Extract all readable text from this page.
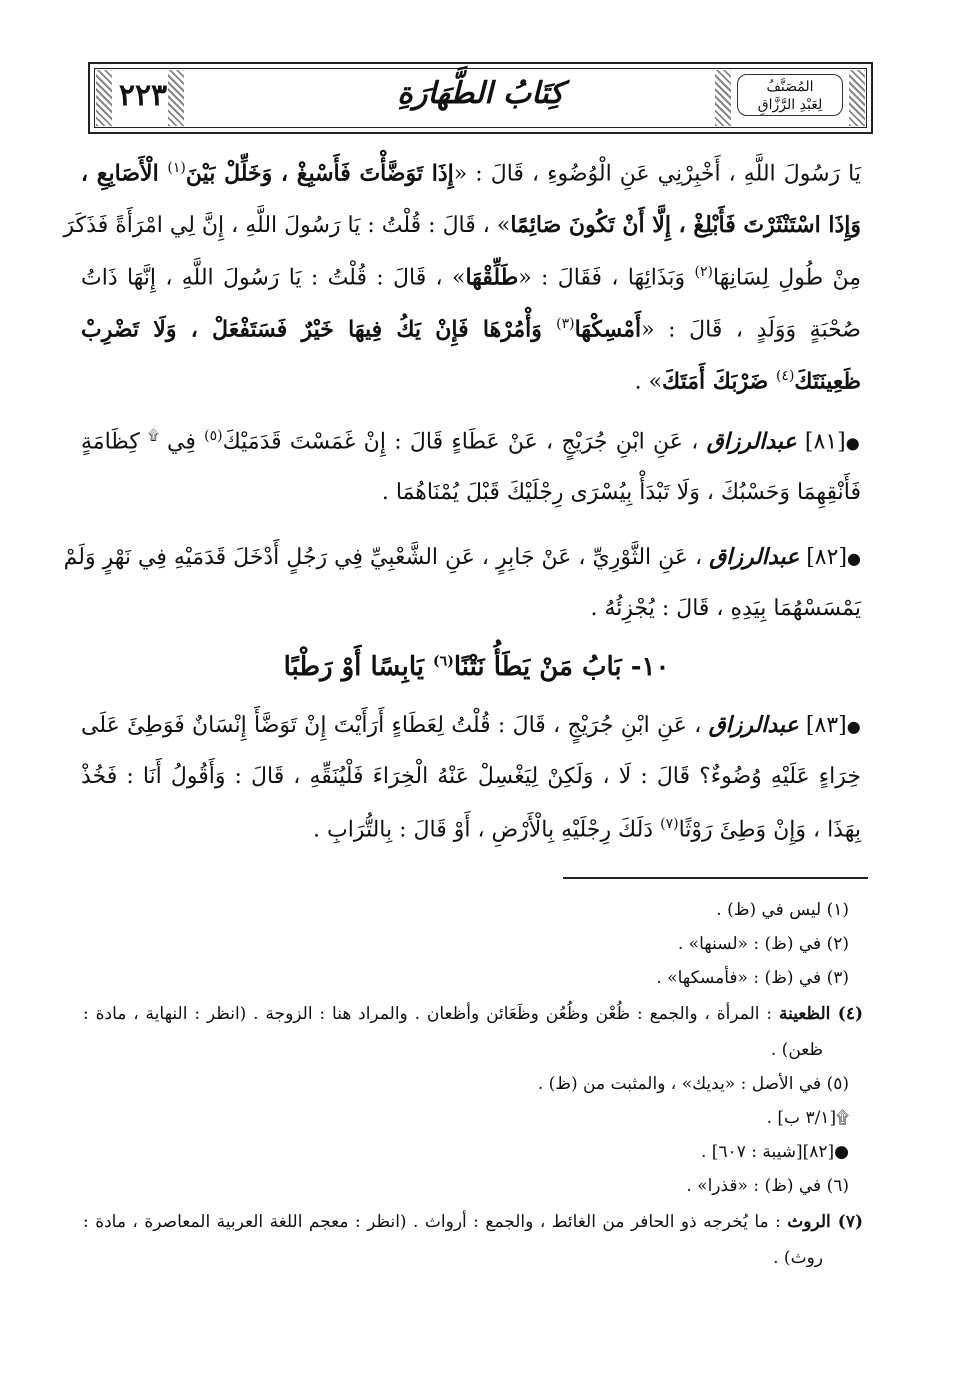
٢٢٣	كِتَابُ الطَّهَارَةِ	المُصَنَّفُ
لِعَبْدِ الرَّزَّاقِ
يَا رَسُولَ اللَّهِ ، أَخْبِرْنِي عَنِ الْوُضُوءِ ، قَالَ : «إِذَا تَوَضَّأْتَ فَأَسْبِغْ ، وَخَلِّلْ بَيْنَ$^{(١)}$ الْأَصَابِعِ ،
وَإِذَا اسْتَنْثَرْتَ فَأَبْلِغْ ، إِلَّا أَنْ تَكُونَ صَائِمًا» ، قَالَ : قُلْتُ : يَا رَسُولَ اللَّهِ ، إِنَّ لِي امْرَأَةً فَذَكَرَ
مِنْ طُولِ لِسَانِهَا$^{(٢)}$ وَبَذَائِهَا ، فَقَالَ : «طَلِّقْهَا» ، قَالَ : قُلْتُ : يَا رَسُولَ اللَّهِ ، إِنَّهَا ذَاتُ
صُحْبَةٍ وَوَلَدٍ ، قَالَ : «أَمْسِكْهَا$^{(٣)}$ وَأْمُرْهَا فَإِنْ يَكُ فِيهَا خَيْرٌ فَسَتَفْعَلْ ، وَلَا تَضْرِبْ
ظَعِينَتَكَ$^{(٤)}$ ضَرْبَكَ أَمَتَكَ» .
●[٨١] عبدالرزاق ، عَنِ ابْنِ جُرَيْجٍ ، عَنْ عَطَاءٍ قَالَ : إِنْ غَمَسْتَ قَدَمَيْكَ$^{(٥)}$ فِي ۩ كِظَامَةٍ
فَأَنْقِهِمَا وَحَسْبُكَ ، وَلَا تَبْدَأْ بِيُسْرَى رِجْلَيْكَ قَبْلَ يُمْنَاهُمَا .
●[٨٢] عبدالرزاق ، عَنِ الثَّوْرِيِّ ، عَنْ جَابِرٍ ، عَنِ الشَّعْبِيِّ فِي رَجُلٍ أَدْخَلَ قَدَمَيْهِ فِي نَهْرٍ وَلَمْ
يَمْسَسْهُمَا بِيَدِهِ ، قَالَ : يُجْزِئُهُ .
١٠- بَابُ مَنْ يَطَأُ نَتْنًا$^{(٦)}$ يَابِسًا أَوْ رَطْبًا
●[٨٣] عبدالرزاق ، عَنِ ابْنِ جُرَيْجٍ ، قَالَ : قُلْتُ لِعَطَاءٍ أَرَأَيْتَ إِنْ تَوَضَّأَ إِنْسَانٌ فَوَطِئَ عَلَى
خِرَاءٍ عَلَيْهِ وُضُوءٌ؟ قَالَ : لَا ، وَلَكِنْ لِيَغْسِلْ عَنْهُ الْخِرَاءَ فَلْيُنَقِّهِ ، قَالَ : وَأَقُولُ أَنَا : فَخُذْ
بِهَذَا ، وَإِنْ وَطِئَ رَوْثًا$^{(٧)}$ دَلَكَ رِجْلَيْهِ بِالْأَرْضِ ، أَوْ قَالَ : بِالتُّرَابِ .
(١) ليس في (ظ) .
(٢) في (ظ) : «لسنها» .
(٣) في (ظ) : «فأمسكها» .
(٤) الظعينة : المرأة ، والجمع : ظُعْن وظُعُن وظَعَائن وأظعان . والمراد هنا : الزوجة . (انظر : النهاية ، مادة :
ظعن) .
(٥) في الأصل : «يديك» ، والمثبت من (ظ) .
۩[٣/١ ب] .
●[٨٢][شيبة : ٦٠٧] .
(٦) في (ظ) : «قذرا» .
(٧) الروث : ما يُخرجه ذو الحافر من الغائط ، والجمع : أرواث . (انظر : معجم اللغة العربية المعاصرة ، مادة :
روث) .
